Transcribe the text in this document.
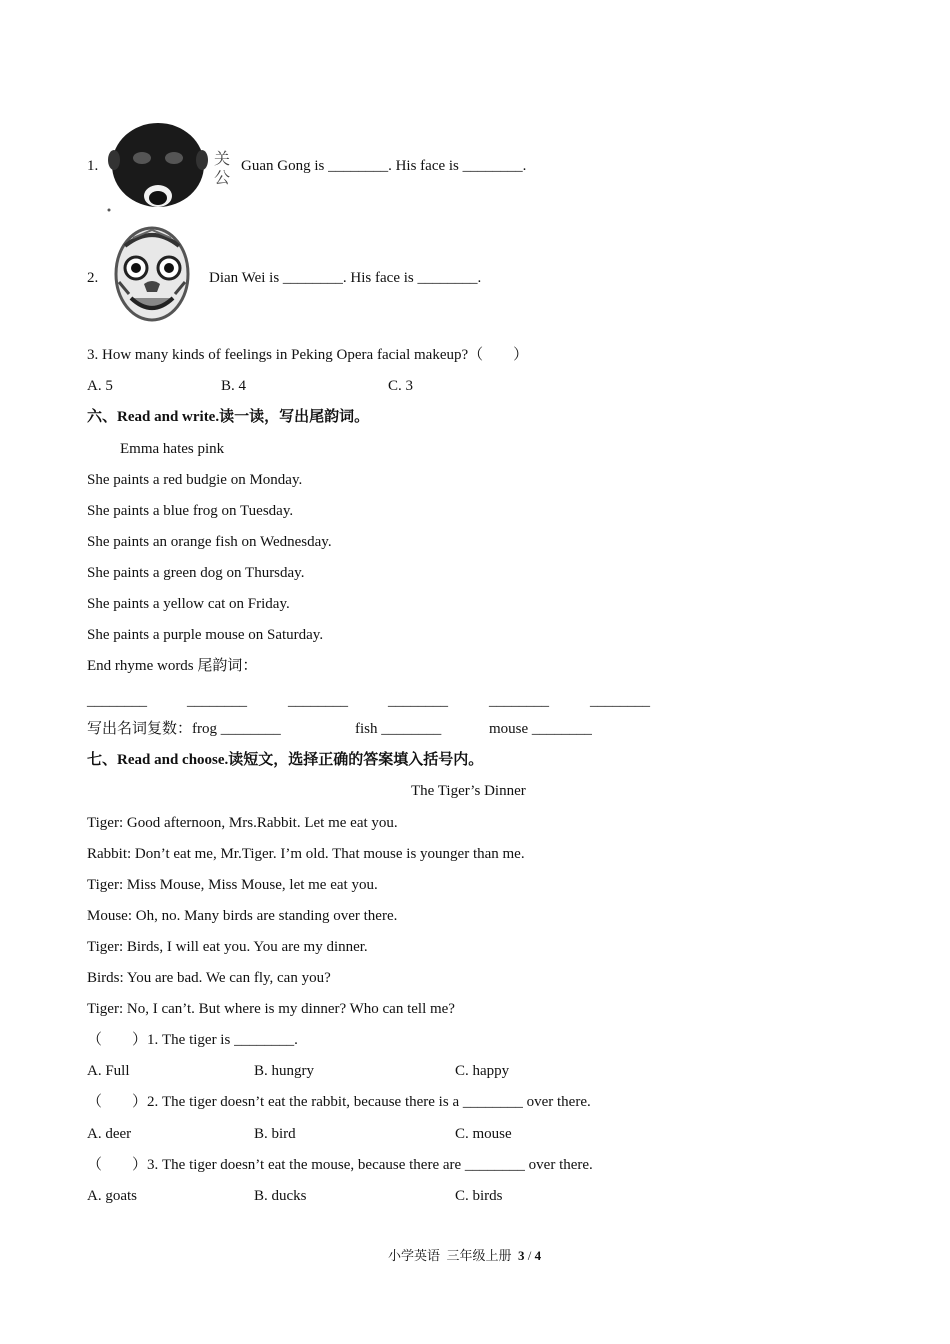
1.	关公
Guan Gong is ________. His face is ________.
2.	Dian Wei is ________. His face is ________.
3. How many kinds of feelings in Peking Opera facial makeup?（　　）
A. 5	B. 4	C. 3
六、Read and write.读一读，写出尾韵词。
Emma hates pink
She paints a red budgie on Monday.
She paints a blue frog on Tuesday.
She paints an orange fish on Wednesday.
She paints a green dog on Thursday.
She paints a yellow cat on Friday.
She paints a purple mouse on Saturday.
End rhyme words 尾韵词：
________	________	________	________	________	________
写出名词复数：frog ________	fish ________	mouse ________
七、Read and choose.读短文，选择正确的答案填入括号内。
The Tiger’s Dinner
Tiger: Good afternoon, Mrs.Rabbit. Let me eat you.
Rabbit: Don’t eat me, Mr.Tiger. I’m old. That mouse is younger than me.
Tiger: Miss Mouse, Miss Mouse, let me eat you.
Mouse: Oh, no. Many birds are standing over there.
Tiger: Birds, I will eat you. You are my dinner.
Birds: You are bad. We can fly, can you?
Tiger: No, I can’t. But where is my dinner? Who can tell me?
（　　）1. The tiger is ________.
A. Full	B. hungry	C. happy
（　　）2. The tiger doesn’t eat the rabbit, because there is a ________ over there.
A. deer	B. bird	C. mouse
（　　）3. The tiger doesn’t eat the mouse, because there are ________ over there.
A. goats	B. ducks	C. birds
小学英语  三年级上册  3 / 4
